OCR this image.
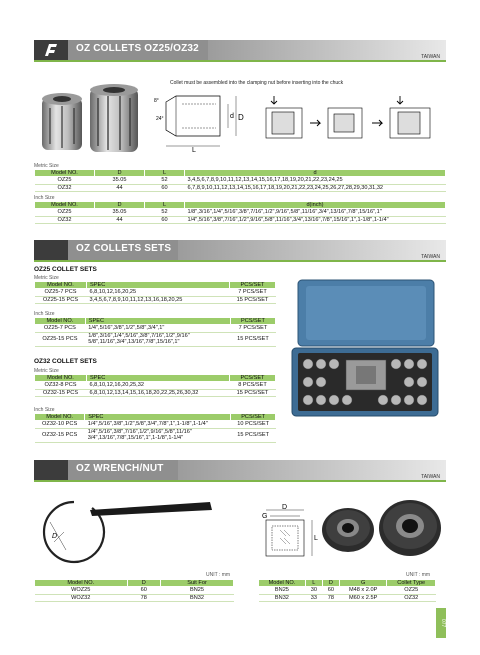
OZ COLLETS OZ25/OZ32
TAIWAN
Collet must be assembled into the clamping nut before inserting into the chuck
L
D
d
8°
24°
Metric Size
Model NO.	D	L	d
OZ25	35.05	52	3,4,5,6,7,8,9,10,11,12,13,14,15,16,17,18,19,20,21,22,23,24,25
OZ32	44	60	6,7,8,9,10,11,12,13,14,15,16,17,18,19,20,21,22,23,24,25,26,27,28,29,30,31,32
Inch Size
Model NO.	D	L	d(inch)
OZ25	35.05	52	1/8",3/16",1/4",5/16",3/8",7/16",1/2",9/16",5/8",11/16",3/4",13/16",7/8",15/16",1"
OZ32	44	60	1/4",5/16",3/8",7/16",1/2",9/16",5/8",11/16",3/4",13/16",7/8",15/16",1",1-1/8",1-1/4"
OZ COLLETS SETS
TAIWAN
OZ25 COLLET SETS
Metric Size
Model NO.	SPEC	PCS/SET
OZ25-7 PCS	6,8,10,12,16,20,25	7 PCS/SET
OZ25-15 PCS	3,4,5,6,7,8,9,10,11,12,13,16,18,20,25	15 PCS/SET
Inch Size
Model NO.	SPEC	PCS/SET
OZ25-7 PCS	1/4",5/16",3/8",1/2",5/8",3/4",1"	7 PCS/SET
OZ25-15 PCS	1/8",3/16",1/4",5/16",3/8",7/16",1/2",9/16" 5/8",11/16",3/4",13/16",7/8",15/16",1"	15 PCS/SET
OZ32 COLLET SETS
Metric Size
Model NO.	SPEC	PCS/SET
OZ32-8 PCS	6,8,10,12,16,20,25,32	8 PCS/SET
OZ32-15 PCS	6,8,10,12,13,14,15,16,18,20,22,25,26,30,32	15 PCS/SET
Inch Size
Model NO.	SPEC	PCS/SET
OZ32-10 PCS	1/4",5/16",3/8",1/2",5/8",3/4",7/8",1",1-1/8",1-1/4"	10 PCS/SET
OZ32-15 PCS	1/4",5/16",3/8",7/16",1/2",9/16",5/8",11/16" 3/4",13/16",7/8",15/16",1",1-1/8",1-1/4"	15 PCS/SET
OZ WRENCH/NUT
TAIWAN
D
D
G
L
UNIT : mm
Model NO.	D	Suit For
WOZ25	60	BN25
WOZ32	78	BN32
UNIT : mm
Model NO.	L	D	G	Collet Type
BN25	30	60	M48 x 2.0P	OZ25
BN32	33	78	M60 x 2.5P	OZ32
077
